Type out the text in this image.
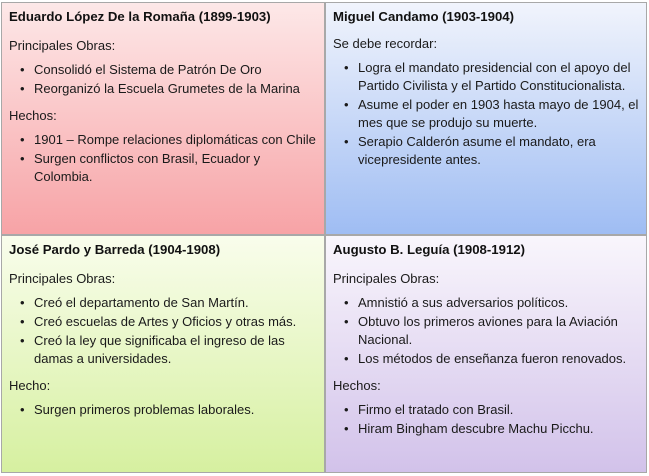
Eduardo López De la Romaña (1899-1903)
Principales Obras:
• Consolidó el Sistema de Patrón De Oro
• Reorganizó la Escuela Grumetes de la Marina
Hechos:
• 1901 – Rompe relaciones diplomáticas con Chile
• Surgen conflictos con Brasil, Ecuador y Colombia.
Miguel Candamo (1903-1904)
Se debe recordar:
• Logra el mandato presidencial con el apoyo del Partido Civilista y el Partido Constitucionalista.
• Asume el poder en 1903 hasta mayo de 1904, el mes que se produjo su muerte.
• Serapio Calderón asume el mandato, era vicepresidente antes.
José Pardo y Barreda (1904-1908)
Principales Obras:
• Creó el departamento de San Martín.
• Creó escuelas de Artes y Oficios y otras más.
• Creó la ley que significaba el ingreso de las damas a universidades.
Hecho:
• Surgen primeros problemas laborales.
Augusto B. Leguía (1908-1912)
Principales Obras:
• Amnistió a sus adversarios políticos.
• Obtuvo los primeros aviones para la Aviación Nacional.
• Los métodos de enseñanza fueron renovados.
Hechos:
• Firmo el tratado con Brasil.
• Hiram Bingham descubre Machu Picchu.
